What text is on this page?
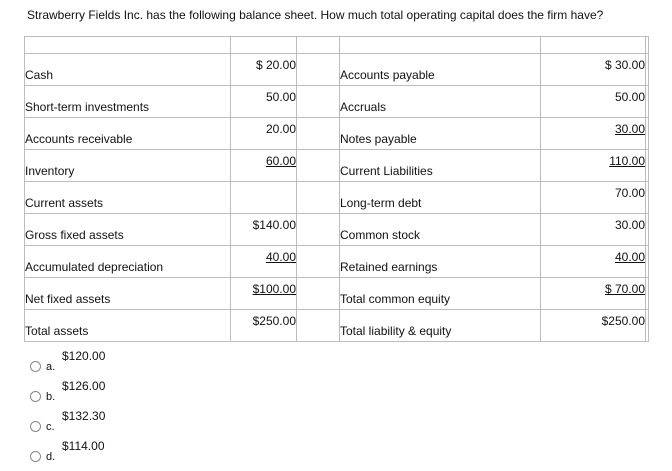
Strawberry Fields Inc. has the following balance sheet. How much total operating capital does the firm have?

Cash	$ 20.00		Accounts payable	$ 30.00	

Short-term investments	50.00		Accruals	50.00	

Accounts receivable	20.00		Notes payable	30.00	

Inventory	60.00		Current Liabilities	110.00	

Current assets			Long-term debt	70.00	

Gross fixed assets	$140.00		Common stock	30.00	

Accumulated depreciation	40.00		Retained earnings	40.00	

Net fixed assets	$100.00		Total common equity	$ 70.00	

Total assets	$250.00		Total liability & equity	$250.00	

a.
$120.00
b.
$126.00
c.
$132.30
d.
$114.00
